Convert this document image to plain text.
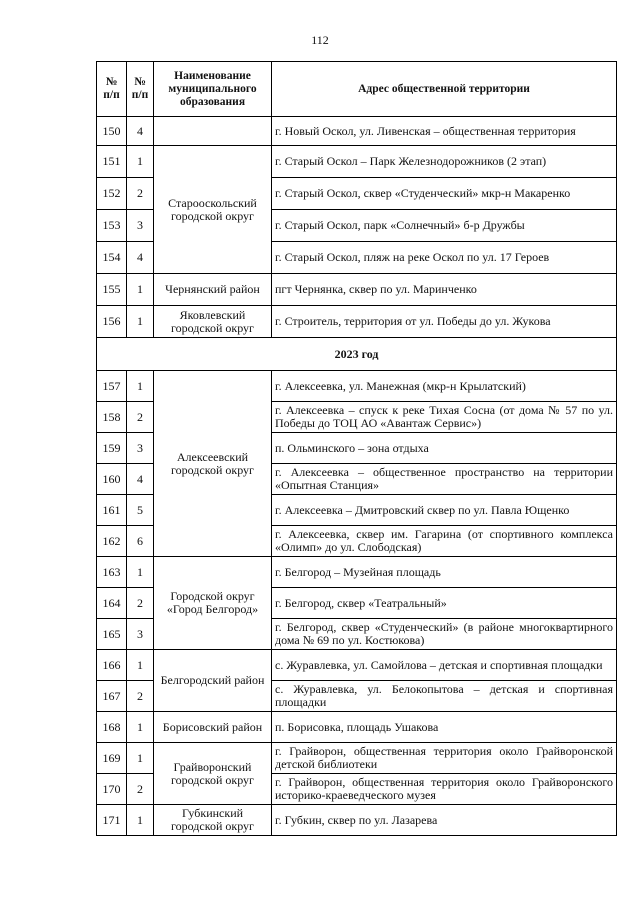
112
№ п/п	№ п/п	Наименование муниципального образования	Адрес общественной территории
150	4		г. Новый Оскол, ул. Ливенская – общественная территория
151	1	Старооскольский городской округ	г. Старый Оскол – Парк Железнодорожников (2 этап)
152	2		г. Старый Оскол, сквер «Студенческий» мкр-н Макаренко
153	3		г. Старый Оскол, парк «Солнечный» б-р Дружбы
154	4		г. Старый Оскол, пляж на реке Оскол по ул. 17 Героев
155	1	Чернянский район	пгт Чернянка, сквер по ул. Маринченко
156	1	Яковлевский городской округ	г. Строитель, территория от ул. Победы до ул. Жукова
2023 год			
157	1	Алексеевский городской округ	г. Алексеевка, ул. Манежная (мкр-н Крылатский)
158	2		г. Алексеевка – спуск к реке Тихая Сосна (от дома № 57 по ул. Победы до ТОЦ АО «Авантаж Сервис»)
159	3		п. Ольминского – зона отдыха
160	4		г. Алексеевка – общественное пространство на территории «Опытная Станция»
161	5		г. Алексеевка – Дмитровский сквер по ул. Павла Ющенко
162	6		г. Алексеевка, сквер им. Гагарина (от спортивного комплекса «Олимп» до ул. Слободская)
163	1	Городской округ «Город Белгород»	г. Белгород – Музейная площадь
164	2		г. Белгород, сквер «Театральный»
165	3		г. Белгород, сквер «Студенческий» (в районе многоквартирного дома № 69 по ул. Костюкова)
166	1	Белгородский район	с. Журавлевка, ул. Самойлова – детская и спортивная площадки
167	2		с. Журавлевка, ул. Белокопытова – детская и спортивная площадки
168	1	Борисовский район	п. Борисовка, площадь Ушакова
169	1	Грайворонский городской округ	г. Грайворон, общественная территория около Грайворонской детской библиотеки
170	2		г. Грайворон, общественная территория около Грайворонского историко-краеведческого музея
171	1	Губкинский городской округ	г. Губкин, сквер по ул. Лазарева
